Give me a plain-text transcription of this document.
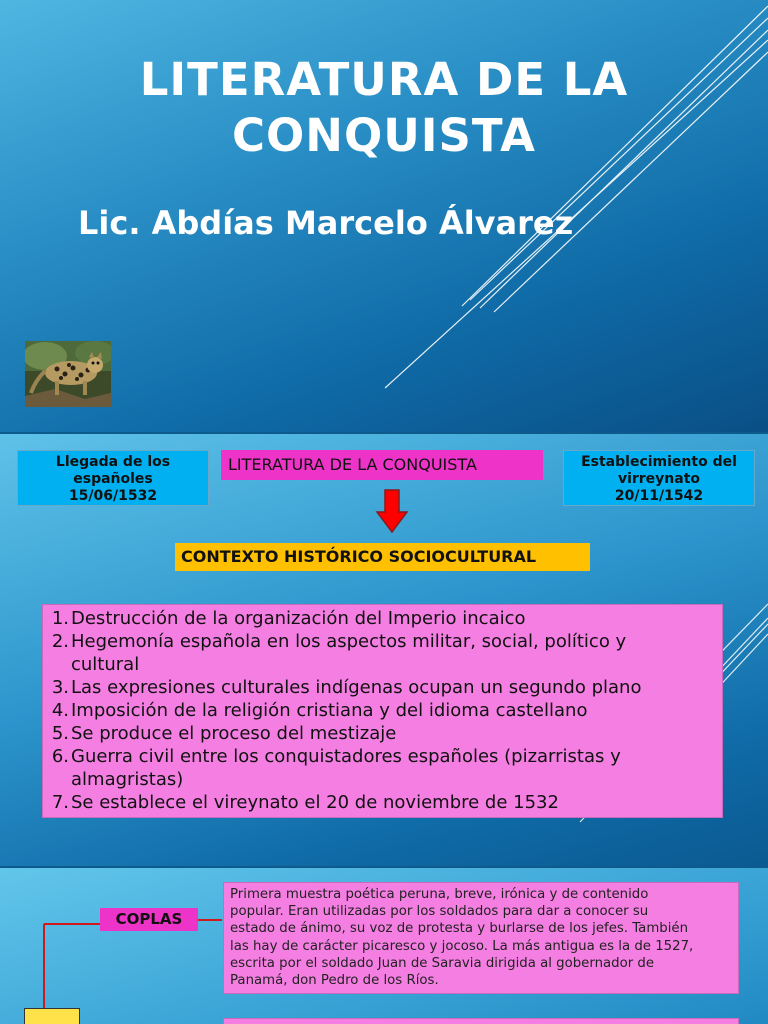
LITERATURA DE LA
CONQUISTA
Lic. Abdías Marcelo Álvarez
Llegada de los
españoles
15/06/1532
LITERATURA DE LA CONQUISTA	Establecimiento del
virreynato
20/11/1542
CONTEXTO HISTÓRICO SOCIOCULTURAL
1. Destrucción de la organización del Imperio incaico
2. Hegemonía española en los aspectos militar, social, político y
cultural
3. Las expresiones culturales indígenas ocupan un segundo plano
4. Imposición de la religión cristiana y del idioma castellano
5. Se produce el proceso del mestizaje
6. Guerra civil entre los conquistadores españoles (pizarristas y
almagristas)
7. Se establece el vireynato el 20 de noviembre de 1532
COPLAS
Primera muestra poética peruna, breve, irónica y de contenido
popular. Eran utilizadas por los soldados para dar a conocer su
estado de ánimo, su voz de protesta y burlarse de los jefes. También
las hay de carácter picaresco y jocoso. La más antigua es la de 1527,
escrita por el soldado Juan de Saravia dirigida al gobernador de
Panamá, don Pedro de los Ríos.
